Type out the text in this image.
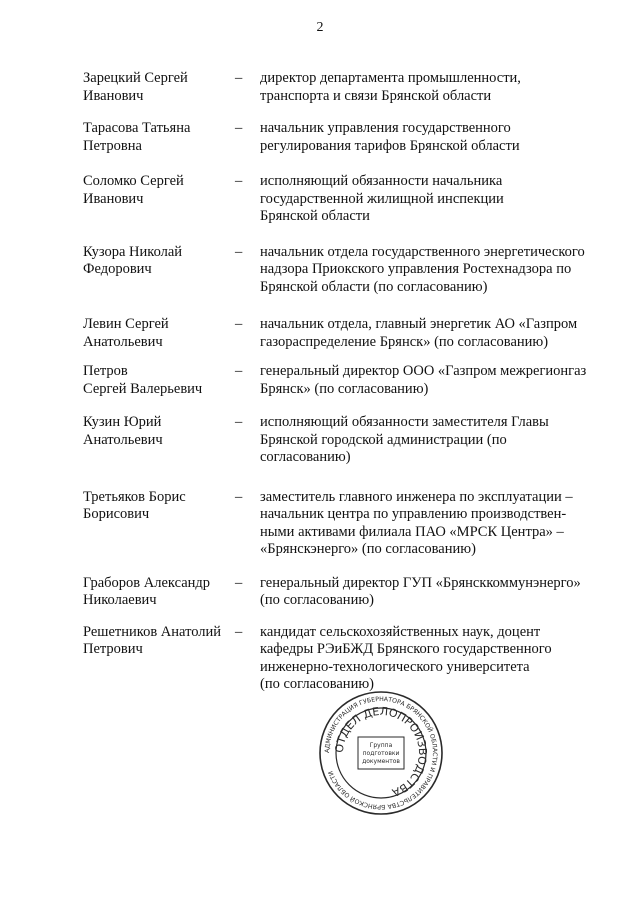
2
Зарецкий Сергей
Иванович
–	директор департамента промышленности,
транспорта и связи Брянской области
Тарасова Татьяна
Петровна
–	начальник управления государственного
регулирования тарифов Брянской области
Соломко Сергей
Иванович
–	исполняющий обязанности начальника
государственной жилищной инспекции
Брянской области
Кузора Николай
Федорович
–	начальник отдела государственного энергетического
надзора Приокского управления Ростехнадзора по
Брянской области (по согласованию)
Левин Сергей
Анатольевич
–	начальник отдела, главный энергетик АО «Газпром
газораспределение Брянск» (по согласованию)
Петров
Сергей Валерьевич
–	генеральный директор ООО «Газпром межрегионгаз
Брянск» (по согласованию)
Кузин Юрий
Анатольевич
–	исполняющий обязанности заместителя Главы
Брянской городской администрации (по
согласованию)
Третьяков Борис
Борисович
–	заместитель главного инженера по эксплуатации –
начальник центра по управлению производствен-
ными активами филиала ПАО «МРСК Центра» –
«Брянскэнерго» (по согласованию)
Граборов Александр
Николаевич
–	генеральный директор ГУП «Брянсккоммунэнерго»
(по согласованию)
Решетников Анатолий
Петрович
–	кандидат сельскохозяйственных наук, доцент
кафедры РЭиБЖД Брянского государственного
инженерно-технологического университета
(по согласованию)
АДМИНИСТРАЦИЯ ГУБЕРНАТОРА БРЯНСКОЙ ОБЛАСТИ И ПРАВИТЕЛЬСТВА БРЯНСКОЙ ОБЛАСТИ
ОТДЕЛ ДЕЛОПРОИЗВОДСТВА
Группа
подготовки
документов
